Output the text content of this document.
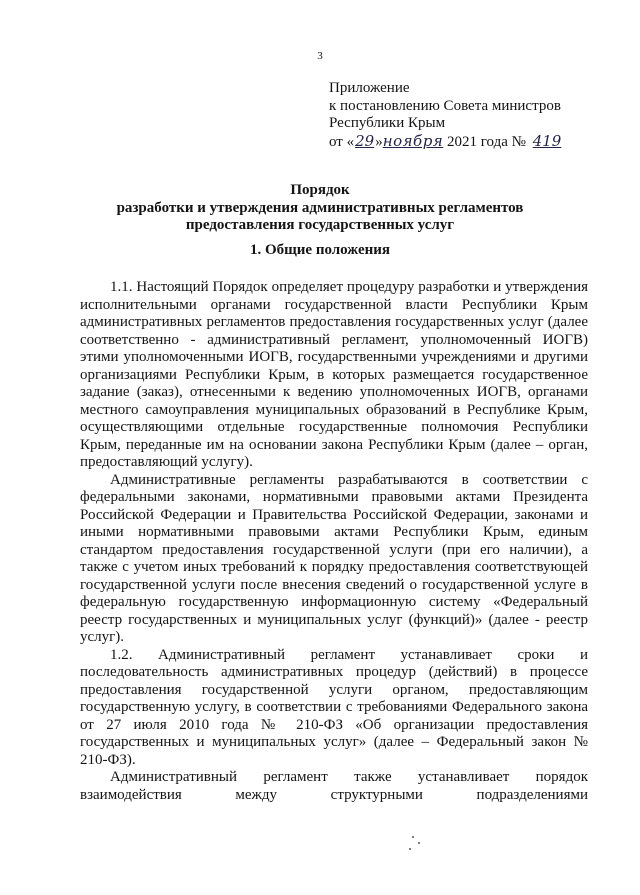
3
Приложение
к постановлению Совета министров
Республики Крым
от «29»ноября 2021 года № 419
Порядок
разработки и утверждения административных регламентов
предоставления государственных услуг
1. Общие положения
1.1. Настоящий Порядок определяет процедуру разработки и утверждения исполнительными органами государственной власти Республики Крым административных регламентов предоставления государственных услуг (далее соответственно - административный регламент, уполномоченный ИОГВ) этими уполномоченными ИОГВ, государственными учреждениями и другими организациями Республики Крым, в которых размещается государственное задание (заказ), отнесенными к ведению уполномоченных ИОГВ, органами местного самоуправления муниципальных образований в Республике Крым, осуществляющими отдельные государственные полномочия Республики Крым, переданные им на основании закона Республики Крым (далее – орган, предоставляющий услугу).
Административные регламенты разрабатываются в соответствии с федеральными законами, нормативными правовыми актами Президента Российской Федерации и Правительства Российской Федерации, законами и иными нормативными правовыми актами Республики Крым, единым стандартом предоставления государственной услуги (при его наличии), а также с учетом иных требований к порядку предоставления соответствующей государственной услуги после внесения сведений о государственной услуге в федеральную государственную информационную систему «Федеральный реестр государственных и муниципальных услуг (функций)» (далее - реестр услуг).
1.2. Административный регламент устанавливает сроки и последовательность административных процедур (действий) в процессе предоставления государственной услуги органом, предоставляющим государственную услугу, в соответствии с требованиями Федерального закона от 27 июля 2010 года № 210-ФЗ «Об организации предоставления государственных и муниципальных услуг» (далее – Федеральный закон № 210-ФЗ).
Административный регламент также устанавливает порядок взаимодействия между структурными подразделениями
